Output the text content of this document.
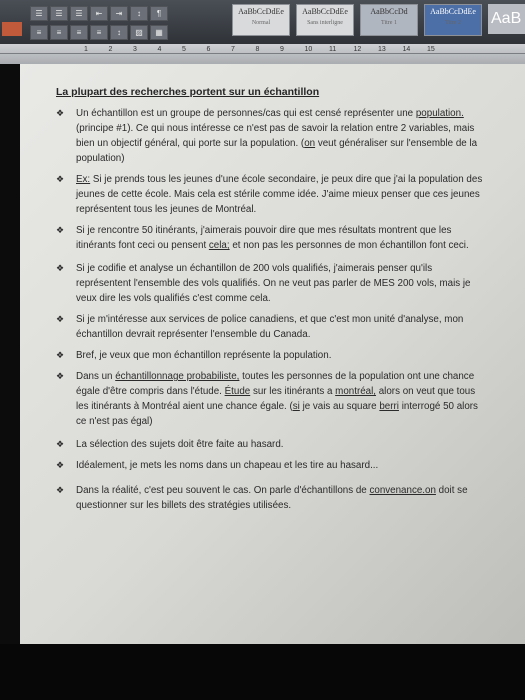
☰	☰	☰	⇤	⇥	↕	¶
≡	≡	≡	≡	↕	▨	▦
AaBbCcDdEe
Normal
AaBbCcDdEe
Sans interligne
AaBbCcDd
Titre 1
AaBbCcDdEe
Titre 2	AaB
1	2	3	4	5	6	7	8	9	10 11 12 13 14 15

La plupart des recherches portent sur un échantillon

❖	Un échantillon est un groupe de personnes/cas qui est censé représenter une population.(principe #1). Ce qui nous intéresse ce n'est pas de savoir la relation entre 2 variables, mais bien un objectif général, qui porte sur la population. (on veut généraliser sur l'ensemble de la population)
❖	Ex: Si je prends tous les jeunes d'une école secondaire, je peux dire que j'ai la population des jeunes de cette école. Mais cela est stérile comme idée. J'aime mieux penser que ces jeunes représentent tous les jeunes de Montréal.
❖	Si je rencontre 50 itinérants, j'aimerais pouvoir dire que mes résultats montrent que les itinérants font ceci ou pensent cela; et non pas les personnes de mon échantillon font ceci.
❖	Si je codifie et analyse un échantillon de 200 vols qualifiés, j'aimerais penser qu'ils représentent l'ensemble des vols qualifiés. On ne veut pas parler de MES 200 vols, mais je veux dire les vols qualifiés c'est comme cela.
❖	Si je m'intéresse aux services de police canadiens, et que c'est mon unité d'analyse, mon échantillon devrait représenter l'ensemble du Canada.
❖	Bref, je veux que mon échantillon représente la population.
❖	Dans un échantillonnage probabiliste, toutes les personnes de la population ont une chance égale d'être compris dans l'étude. Étude sur les itinérants a montréal, alors on veut que tous les itinérants à Montréal aient une chance égale. (si je vais au square berri interrogé 50 alors ce n'est pas égal)
❖	La sélection des sujets doit être faite au hasard.
❖	Idéalement, je mets les noms dans un chapeau et les tire au hasard...
❖	Dans la réalité, c'est peu souvent le cas. On parle d'échantillons de convenance.on doit se questionner sur les billets des stratégies utilisées.
